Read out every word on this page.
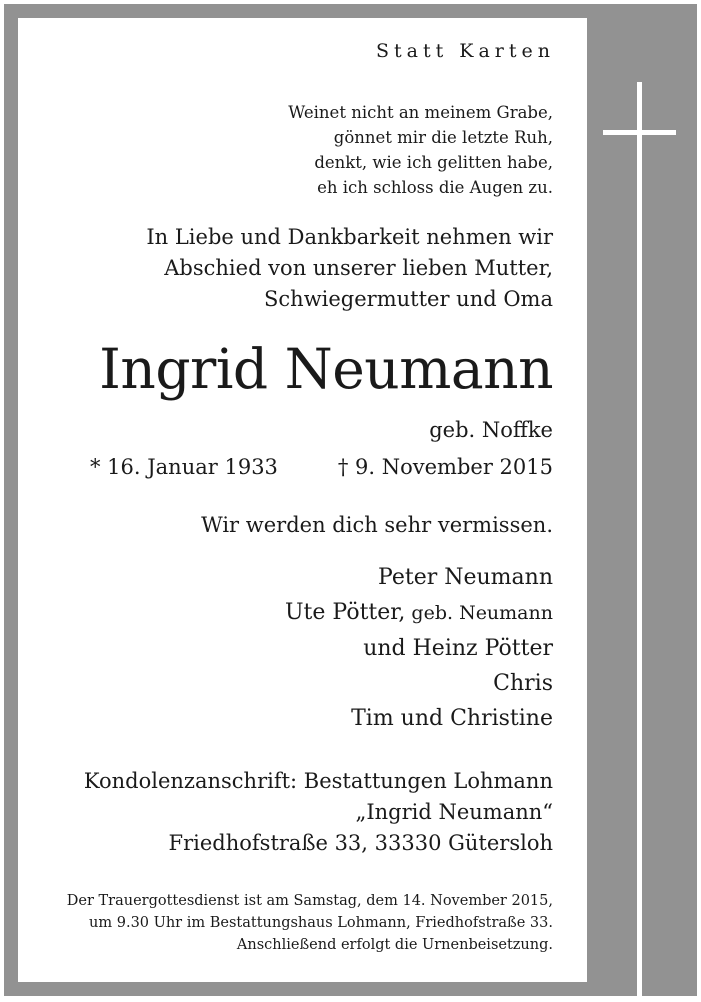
Statt Karten
Weinet nicht an meinem Grabe,
gönnet mir die letzte Ruh,
denkt, wie ich gelitten habe,
eh ich schloss die Augen zu.
In Liebe und Dankbarkeit nehmen wir
Abschied von unserer lieben Mutter,
Schwiegermutter und Oma
Ingrid Neumann
geb. Noffke
* 16. Januar 1933	† 9. November 2015
Wir werden dich sehr vermissen.
Peter Neumann
Ute Pötter, geb. Neumann
und Heinz Pötter
Chris
Tim und Christine
Kondolenzanschrift: Bestattungen Lohmann
„Ingrid Neumann“
Friedhofstraße 33, 33330 Gütersloh
Der Trauergottesdienst ist am Samstag, dem 14. November 2015,
um 9.30 Uhr im Bestattungshaus Lohmann, Friedhofstraße 33.
Anschließend erfolgt die Urnenbeisetzung.
